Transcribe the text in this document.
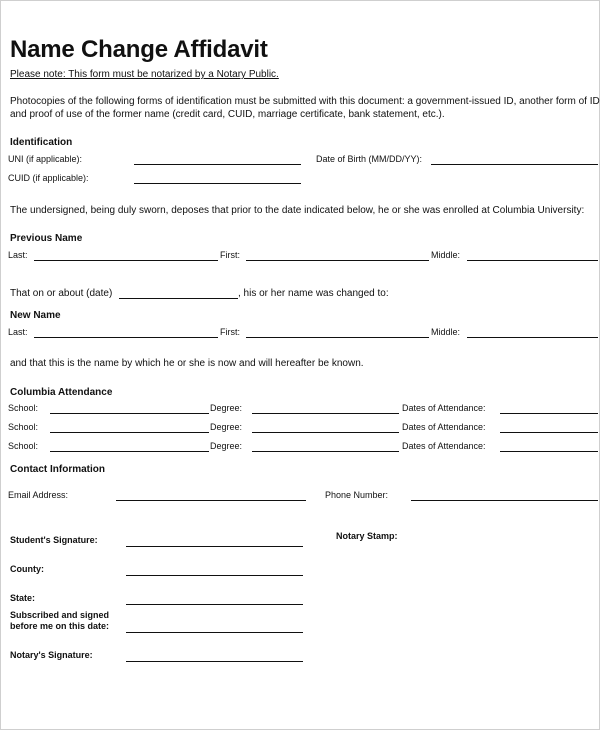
Name Change Affidavit
Please note: This form must be notarized by a Notary Public.
Photocopies of the following forms of identification must be submitted with this document: a government-issued ID, another form of ID
and proof of use of the former name (credit card, CUID, marriage certificate, bank statement, etc.).
Identification
UNI (if applicable):	Date of Birth (MM/DD/YY):
CUID (if applicable):
The undersigned, being duly sworn, deposes that prior to the date indicated below, he or she was enrolled at Columbia University:
Previous Name
Last:	First:	Middle:
That on or about (date)	, his or her name was changed to:
New Name
Last:	First:	Middle:
and that this is the name by which he or she is now and will hereafter be known.
Columbia Attendance
School:	Degree:	Dates of Attendance:
School:	Degree:	Dates of Attendance:
School:	Degree:	Dates of Attendance:
Contact Information
Email Address:	Phone Number:
Student's Signature:	Notary Stamp:
County:
State:
Subscribed and signed
before me on this date:
Notary's Signature:
